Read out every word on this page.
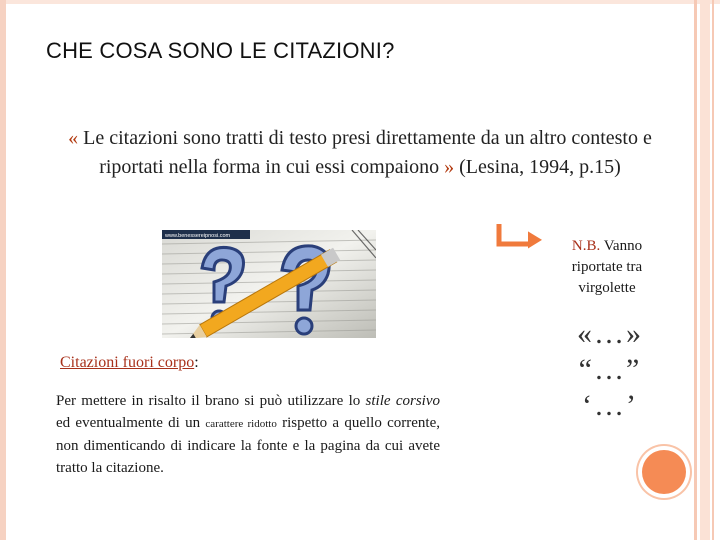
CHE COSA SONO LE CITAZIONI?
« Le citazioni sono tratti di testo presi direttamente da un altro contesto e riportati nella forma in cui essi compaiono » (Lesina, 1994, p.15)
N.B. Vanno riportate tra virgolette
www.benessereipnosi.com
«…»
“…”
‘…’
Citazioni fuori corpo:
Per mettere in risalto il brano si può utilizzare lo stile corsivo ed eventualmente di un carattere ridotto rispetto a quello corrente, non dimenticando di indicare la fonte e la pagina da cui avete tratto la citazione.
